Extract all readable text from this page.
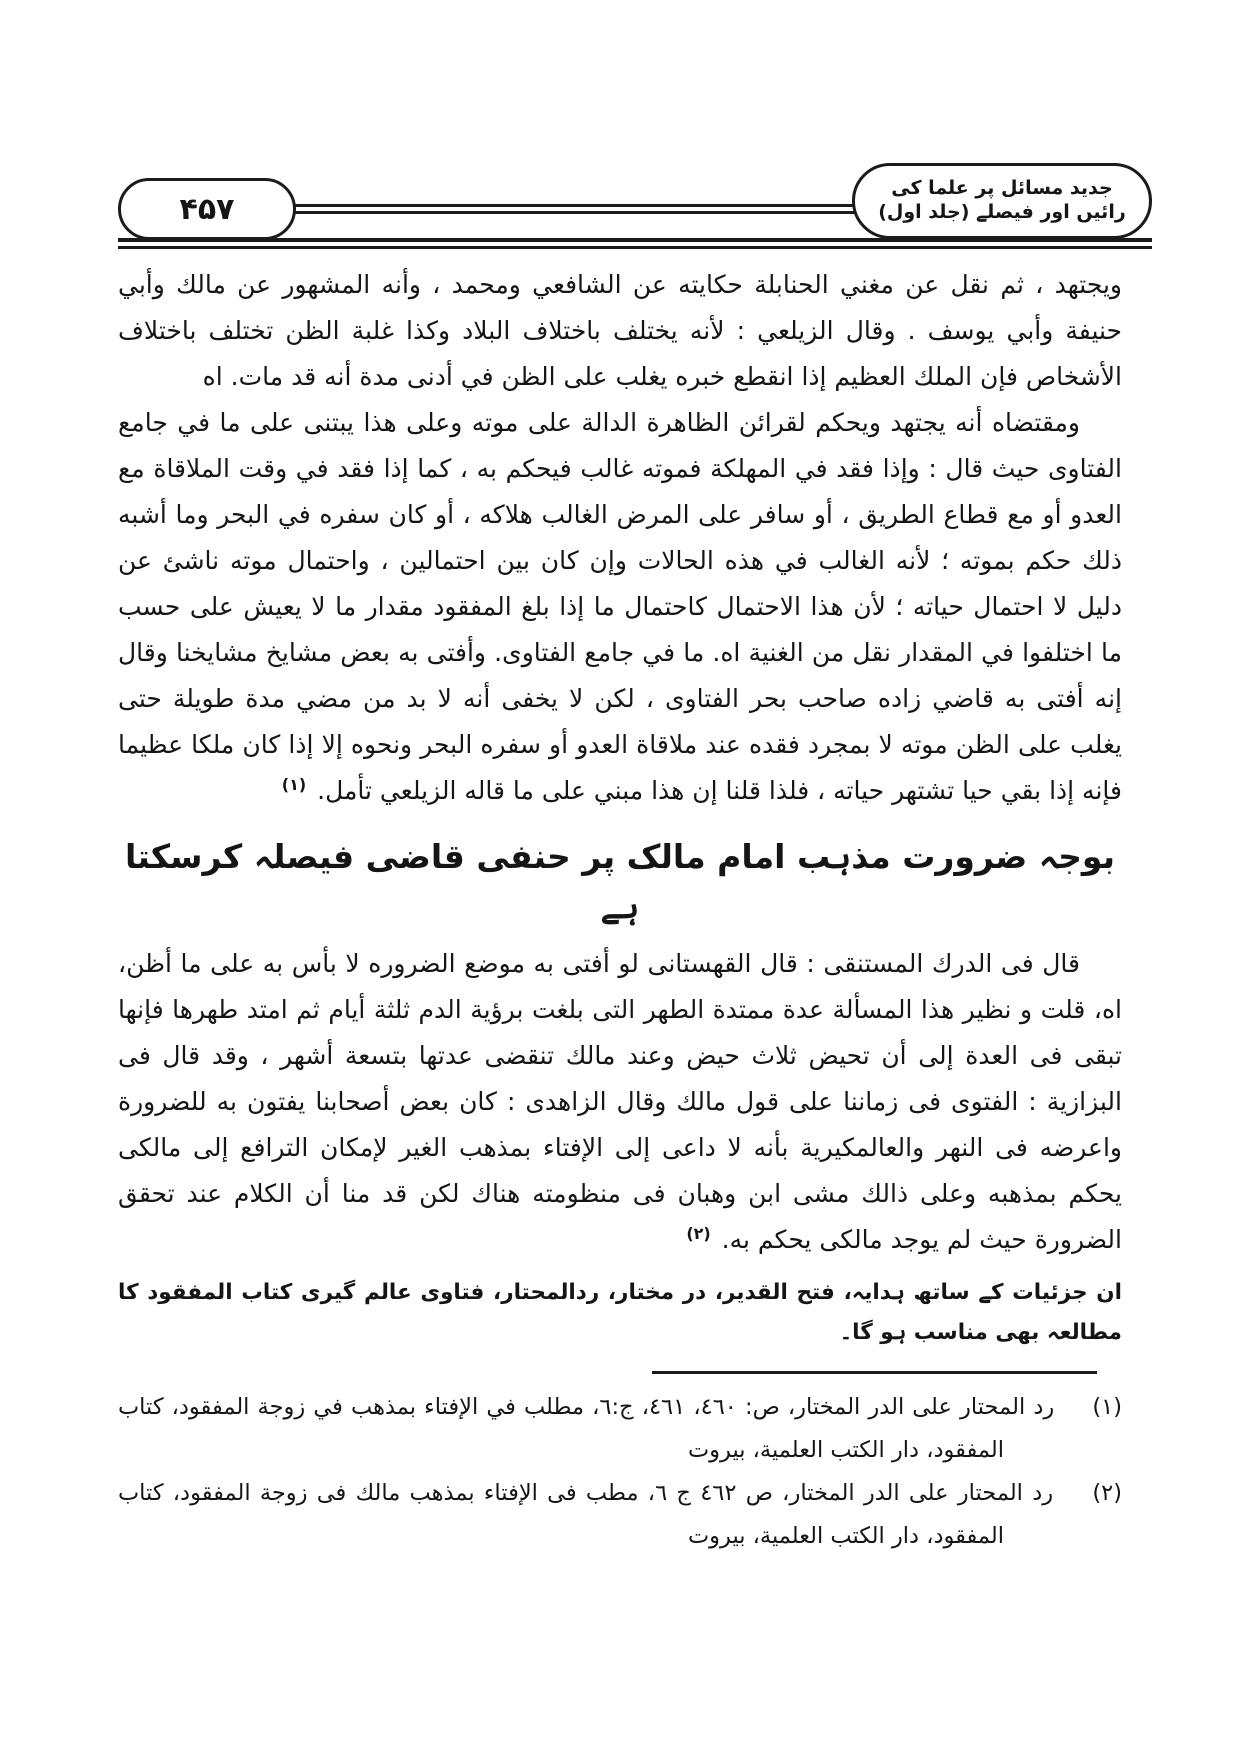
۴۵۷
جدید مسائل پر علما کی رائیں اور فیصلے (جلد اول)

ويجتهد ، ثم نقل عن مغني الحنابلة حكايته عن الشافعي ومحمد ، وأنه المشهور عن مالك وأبي حنيفة وأبي يوسف . وقال الزيلعي : لأنه يختلف باختلاف البلاد وكذا غلبة الظن تختلف باختلاف الأشخاص فإن الملك العظيم إذا انقطع خبره يغلب على الظن في أدنى مدة أنه قد مات. اه

ومقتضاه أنه يجتهد ويحكم لقرائن الظاهرة الدالة على موته وعلى هذا يبتنى على ما في جامع الفتاوى حيث قال : وإذا فقد في المهلكة فموته غالب فيحكم به ، كما إذا فقد في وقت الملاقاة مع العدو أو مع قطاع الطريق ، أو سافر على المرض الغالب هلاكه ، أو كان سفره في البحر وما أشبه ذلك حكم بموته ؛ لأنه الغالب في هذه الحالات وإن كان بين احتمالين ، واحتمال موته ناشئ عن دليل لا احتمال حياته ؛ لأن هذا الاحتمال كاحتمال ما إذا بلغ المفقود مقدار ما لا يعيش على حسب ما اختلفوا في المقدار نقل من الغنية اه. ما في جامع الفتاوى. وأفتى به بعض مشايخ مشايخنا وقال إنه أفتى به قاضي زاده صاحب بحر الفتاوى ، لكن لا يخفى أنه لا بد من مضي مدة طويلة حتى يغلب على الظن موته لا بمجرد فقده عند ملاقاة العدو أو سفره البحر ونحوه إلا إذا كان ملكا عظيما فإنه إذا بقي حيا تشتهر حياته ، فلذا قلنا إن هذا مبني على ما قاله الزيلعي تأمل. $^{(۱)}$

بوجہ ضرورت مذہب امام مالک پر حنفی قاضی فیصلہ کرسکتا ہے

قال فى الدرك المستنقى : قال القهستانى لو أفتى به موضع الضروره لا بأس به على ما أظن، اه، قلت و نظير هذا المسألة عدة ممتدة الطهر التى بلغت برؤية الدم ثلثة أيام ثم امتد طهرها فإنها تبقى فى العدة إلى أن تحيض ثلاث حيض وعند مالك تنقضى عدتها بتسعة أشهر ، وقد قال فى البزازية : الفتوى فى زماننا على قول مالك وقال الزاهدى : كان بعض أصحابنا يفتون به للضرورة واعرضه فى النهر والعالمكيرية بأنه لا داعى إلى الإفتاء بمذهب الغير لإمكان الترافع إلى مالكى يحكم بمذهبه وعلى ذالك مشى ابن وهبان فى منظومته هناك لكن قد منا أن الكلام عند تحقق الضرورة حيث لم يوجد مالكى يحكم به. $^{(۲)}$

ان جزئیات کے ساتھ ہدایہ، فتح القدیر، در مختار، ردالمحتار، فتاوی عالم گیری کتاب المفقود کا مطالعہ بھی مناسب ہو گا۔

(۱) رد المحتار على الدر المختار، ص: ٤٦٠، ٤٦١، ج:٦، مطلب في الإفتاء بمذهب في زوجة المفقود، كتاب المفقود، دار الكتب العلمية، بيروت

(۲) رد المحتار على الدر المختار، ص ٤٦٢ ج ٦، مطب فى الإفتاء بمذهب مالك فى زوجة المفقود، كتاب المفقود، دار الكتب العلمية، بيروت
